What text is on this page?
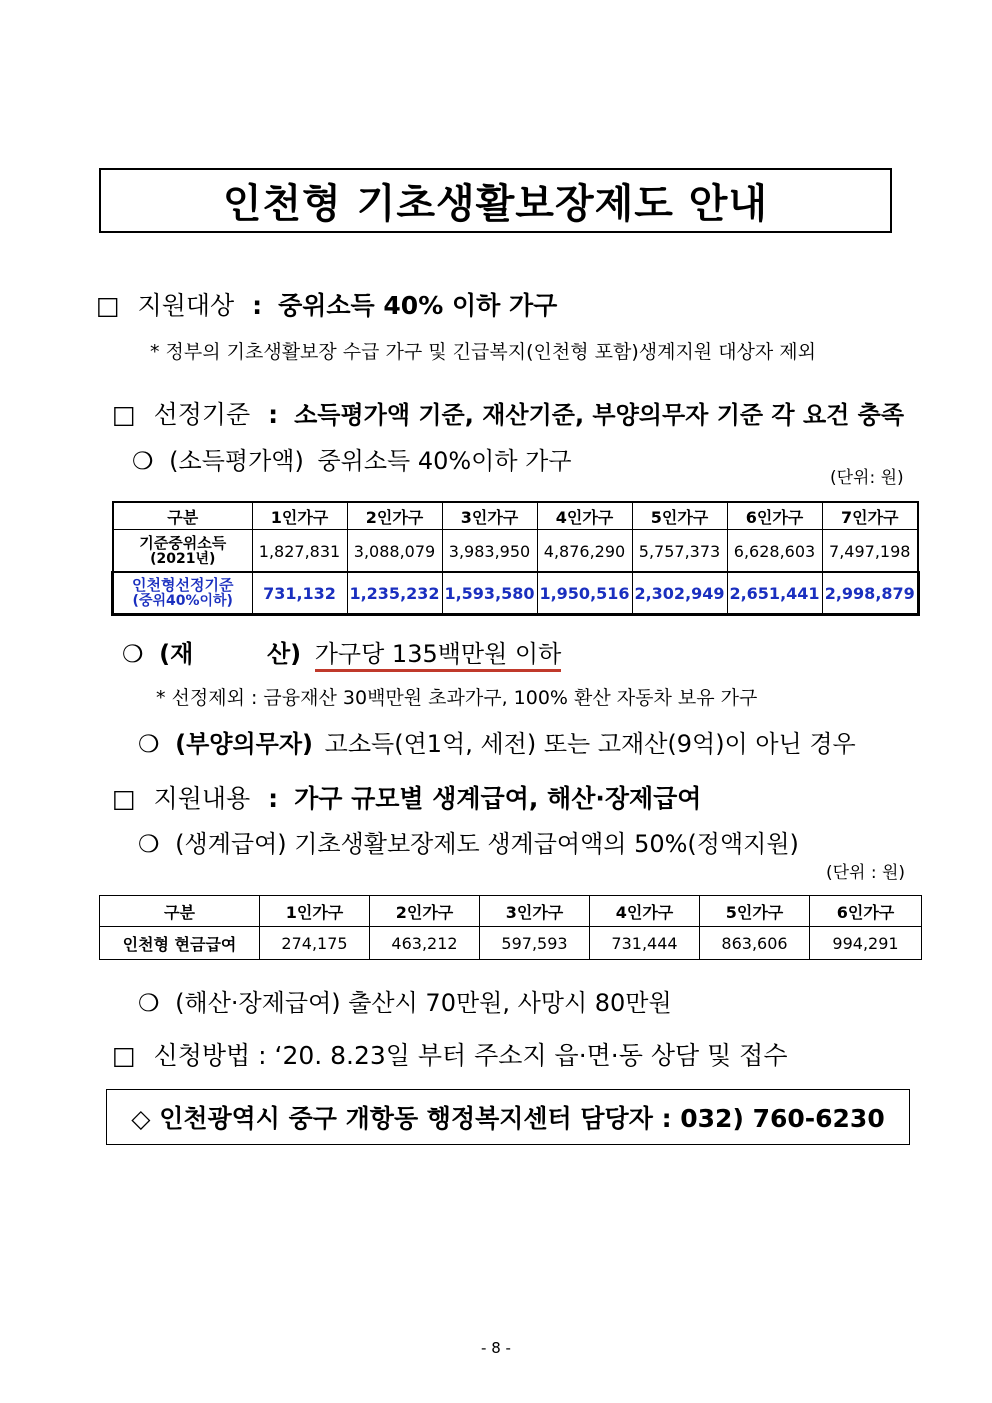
인천형 기초생활보장제도 안내
□ 지원대상 : 중위소득 40% 이하 가구
* 정부의 기초생활보장 수급 가구 및 긴급복지(인천형 포함)생계지원 대상자 제외
□ 선정기준 : 소득평가액 기준, 재산기준, 부양의무자 기준 각 요건 충족
❍ (소득평가액) 중위소득 40%이하 가구
(단위: 원)
구분	1인가구	2인가구	3인가구	4인가구	5인가구	6인가구	7인가구

기준중위소득
(2021년)	1,827,831	3,088,079	3,983,950	4,876,290	5,757,373	6,628,603	7,497,198

인천형선정기준
(중위40%이하)	731,132	1,235,232	1,593,580	1,950,516	2,302,949	2,651,441	2,998,879
❍ (재	산) 가구당 135백만원 이하
* 선정제외 : 금융재산 30백만원 초과가구, 100% 환산 자동차 보유 가구
❍ (부양의무자) 고소득(연1억, 세전) 또는 고재산(9억)이 아닌 경우
□ 지원내용 : 가구 규모별 생계급여, 해산·장제급여
❍ (생계급여) 기초생활보장제도 생계급여액의 50%(정액지원)
(단위 : 원)
구분	1인가구	2인가구	3인가구	4인가구	5인가구	6인가구
인천형 현금급여	274,175	463,212	597,593	731,444	863,606	994,291
❍ (해산·장제급여) 출산시 70만원, 사망시 80만원
□ 신청방법 : ‘20. 8.23일 부터 주소지 읍·면·동 상담 및 접수
◇ 인천광역시 중구 개항동 행정복지센터 담당자 : 032) 760-6230
- 8 -
